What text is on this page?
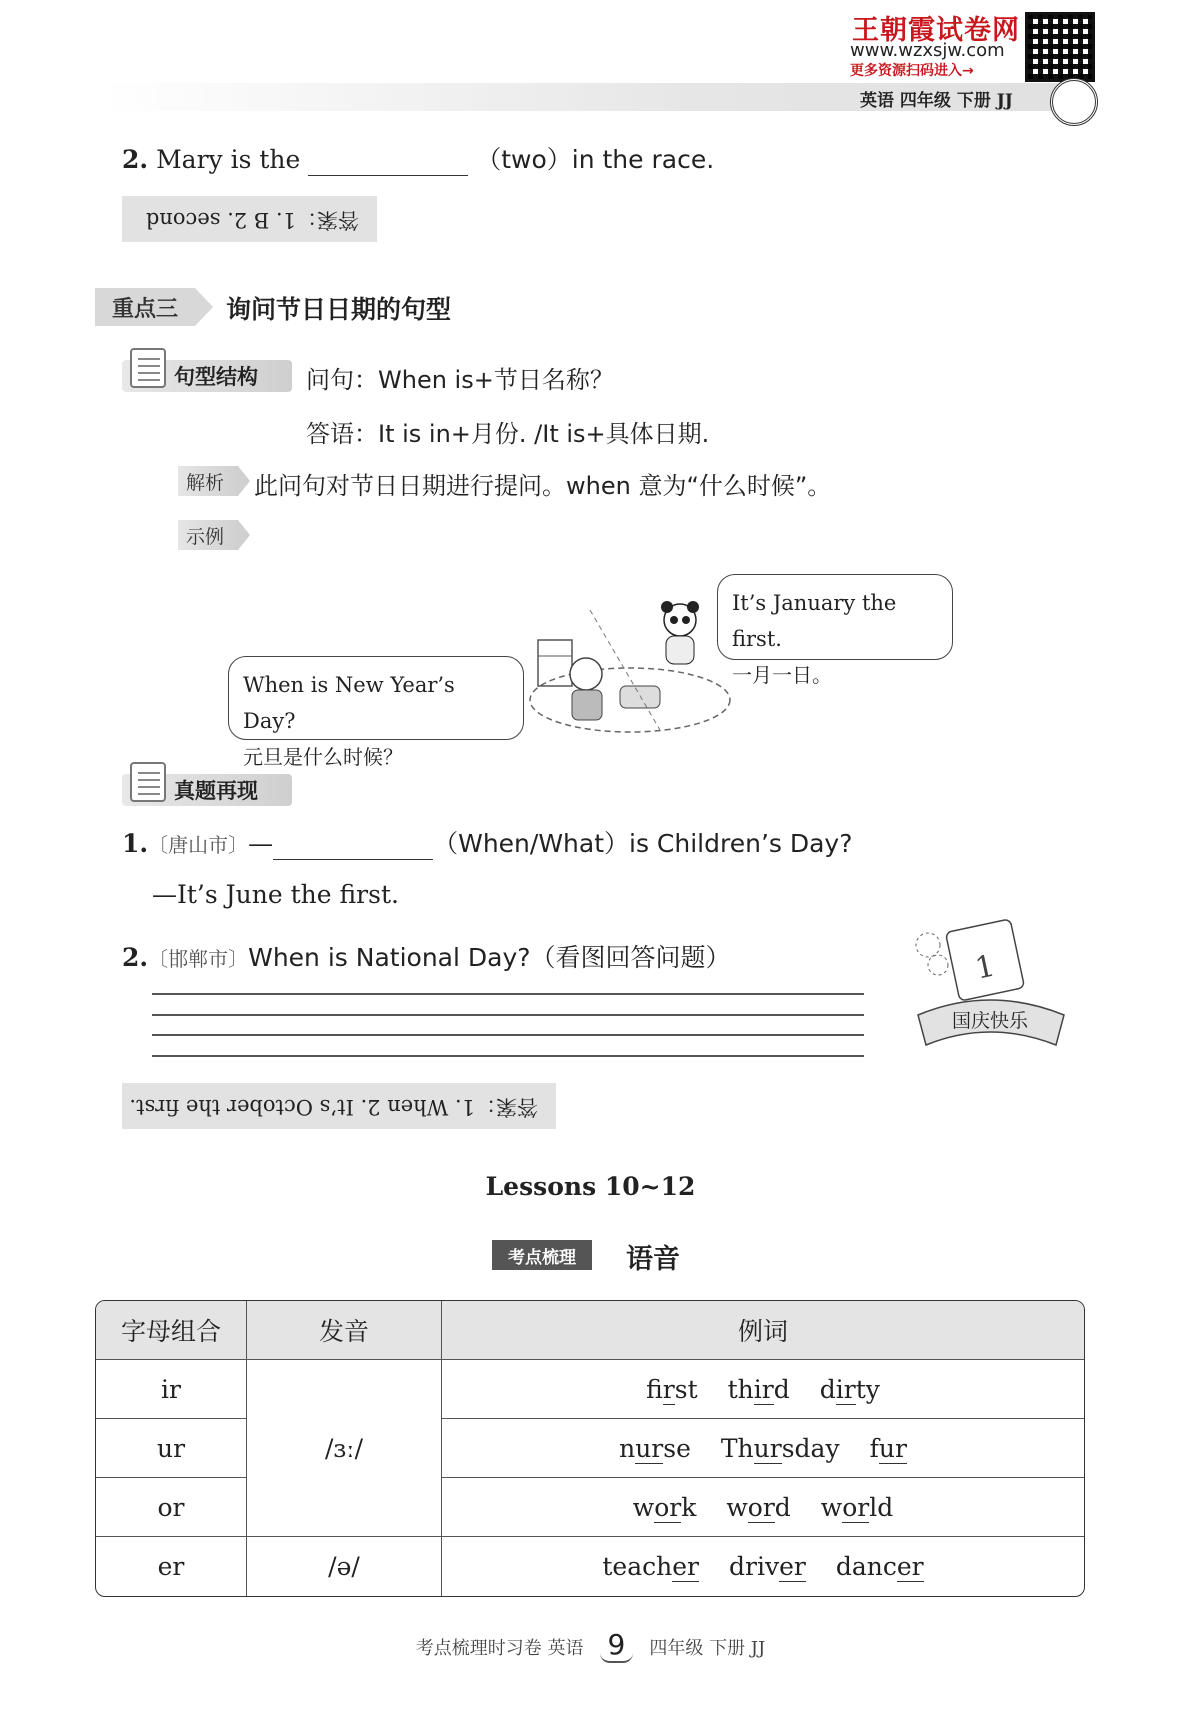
王朝霞试卷网
www.wzxsjw.com
更多资源扫码进入→
英语 四年级 下册 JJ
2. Mary is the	（two）in the race.
答案：1. B 2. second
重点三	询问节日日期的句型
句型结构 问句：When is+节日名称？
答语：It is in+月份. /It is+具体日期.
解析 此问句对节日日期进行提问。when 意为“什么时候”。
示例
When is New Year’s Day?
元旦是什么时候？
It’s January the first.
一月一日。
真题再现
1.〔唐山市〕—	（When/What）is Children’s Day?
—It’s June the first.
2.〔邯郸市〕When is National Day?（看图回答问题）	1
国庆快乐
答案：1. When 2. It’s October the first.
Lessons 10~12
考点梳理	语音
字母组合	发音	例词
ir	/ɜː/	first third dirty

ur		nurse Thursday fur

or		work word world

er	/ə/	teacher driver dancer
考点梳理时习卷 英语 9 四年级 下册 JJ
